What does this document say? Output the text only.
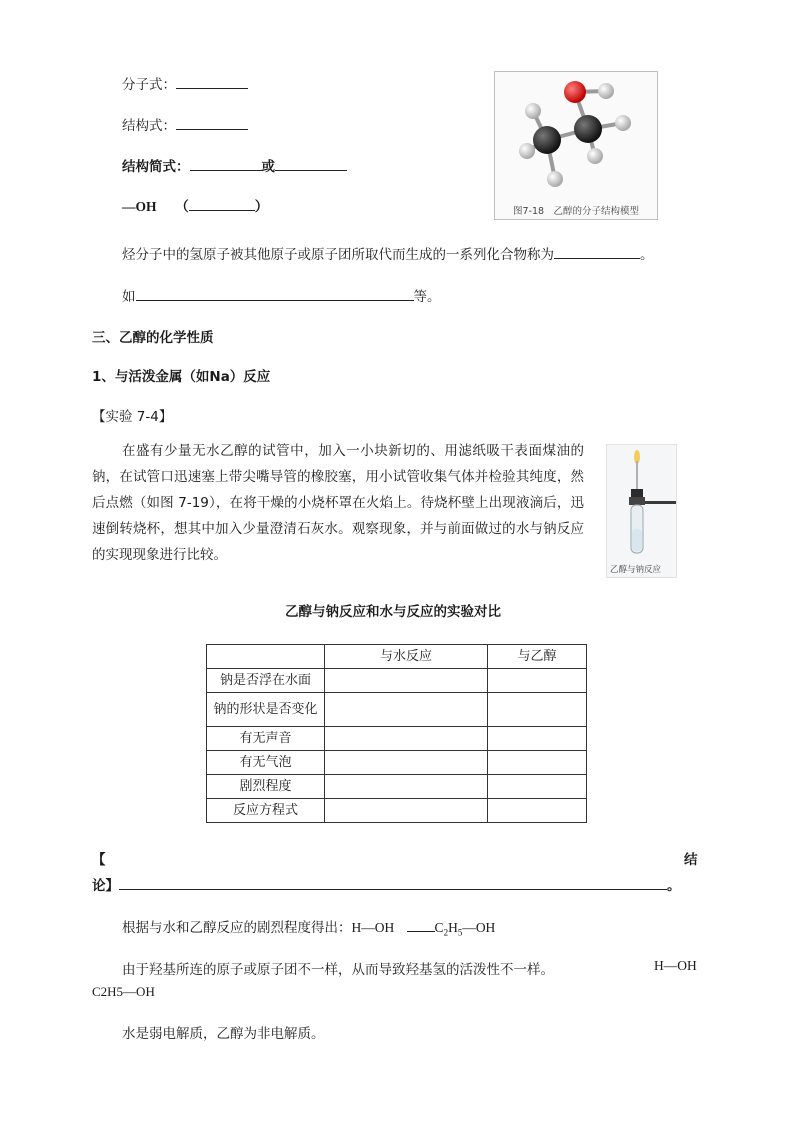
分子式：
结构式：
结构简式：	或
—OH （	）	图7-18　乙醇的分子结构模型
烃分子中的氢原子被其他原子或原子团所取代而生成的一系列化合物称为	。
如	等。
三、乙醇的化学性质
1、与活泼金属（如Na）反应
【实验 7-4】
在盛有少量无水乙醇的试管中，加入一小块新切的、用滤纸吸干表面煤油的钠，在试管口迅速塞上带尖嘴导管的橡胶塞，用小试管收集气体并检验其纯度，然后点燃（如图 7-19），在将干燥的小烧杯罩在火焰上。待烧杯壁上出现液滴后，迅速倒转烧杯，想其中加入少量澄清石灰水。观察现象，并与前面做过的水与钠反应的实现现象进行比较。
乙醇与钠反应
乙醇与钠反应和水与反应的实验对比
	与水反应	与乙醇
钠是否浮在水面		
钠的形状是否变化		
有无声音		
有无气泡		
剧烈程度		
反应方程式		
【	结
论】	。
根据与水和乙醇反应的剧烈程度得出：H—OH	$C_2H_5—OH$
由于羟基所连的原子或原子团不一样，从而导致羟基氢的活泼性不一样。	H—OH
C2H5—OH
水是弱电解质，乙醇为非电解质。
